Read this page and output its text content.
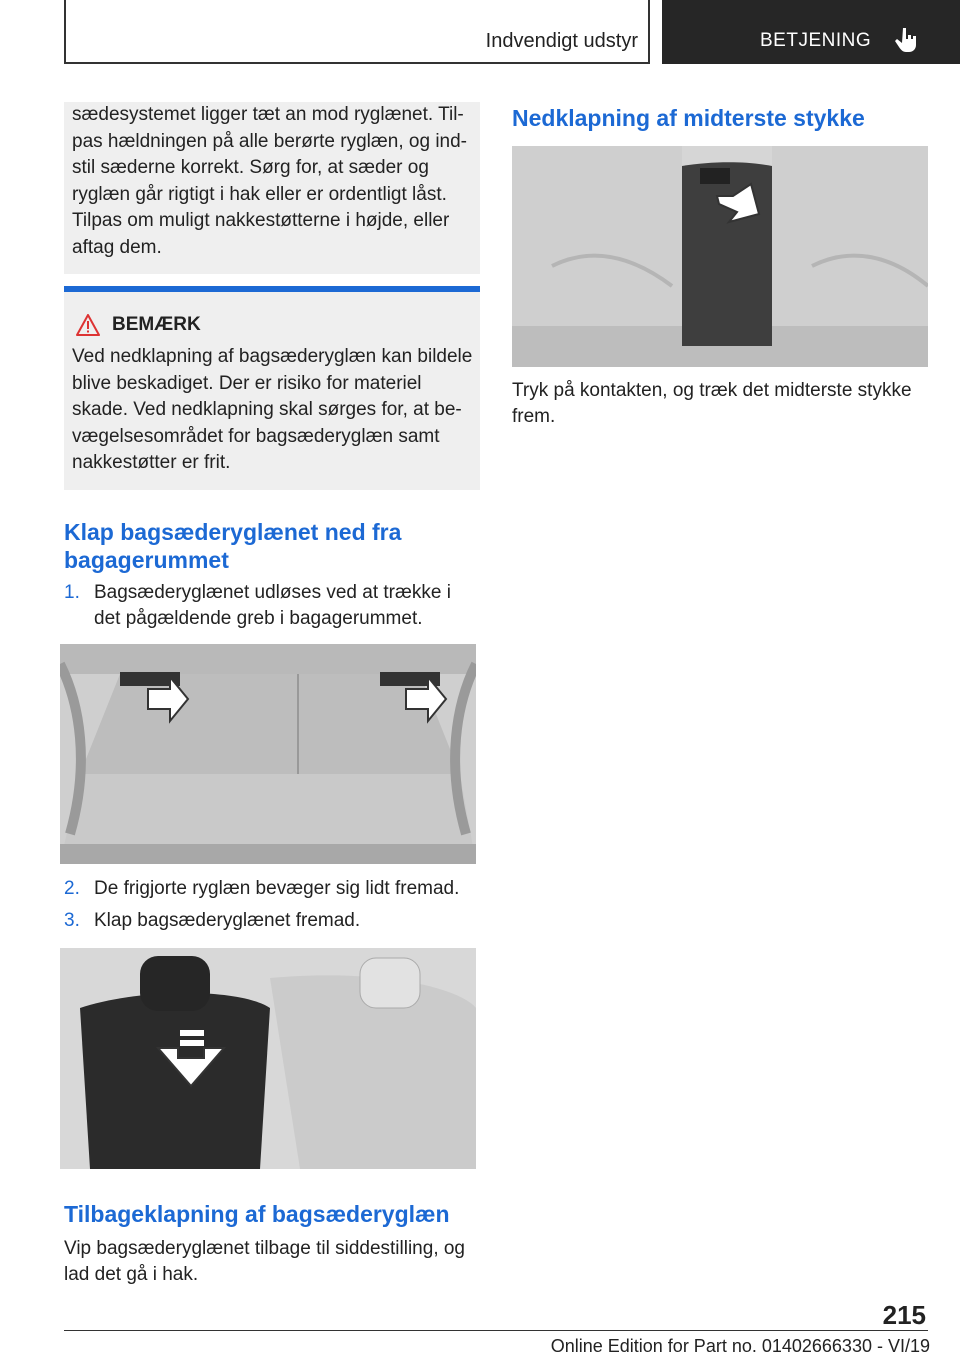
Indvendigt udstyr	BETJENING
sædesystemet ligger tæt an mod ryglænet. Til‐pas hældningen på alle berørte ryglæn, og ind‐stil sæderne korrekt. Sørg for, at sæder og ryglæn går rigtigt i hak eller er ordentligt låst. Tilpas om muligt nakkestøtterne i højde, eller aftag dem.
BEMÆRK
Ved nedklapning af bagsæderyglæn kan bildele blive beskadiget. Der er risiko for materiel skade. Ved nedklapning skal sørges for, at be‐vægelsesområdet for bagsæderyglæn samt nakkestøtter er frit.
Klap bagsæderyglænet ned fra bagagerummet
1. Bagsæderyglænet udløses ved at trække i det pågældende greb i bagagerummet.
2. De frigjorte ryglæn bevæger sig lidt fremad.
3. Klap bagsæderyglænet fremad.
Tilbageklapning af bagsæderyglæn
Vip bagsæderyglænet tilbage til siddestilling, og lad det gå i hak.
Nedklapning af midterste stykke
Tryk på kontakten, og træk det midterste stykke frem.
215
Online Edition for Part no. 01402666330 - VI/19
